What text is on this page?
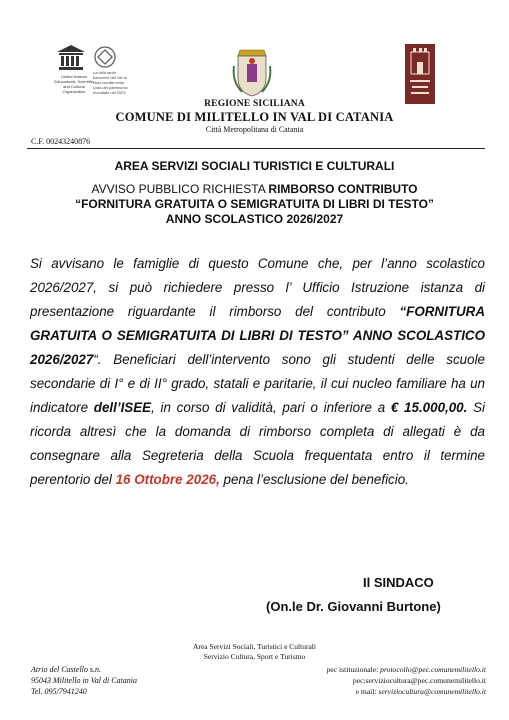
United Nations Educational, Scientific and Cultural Organization
La città tardo barocche del Val di Noto iscritte nella Lista del patrimonio mondiale nel 2002
REGIONE SICILIANA
COMUNE DI MILITELLO IN VAL DI CATANIA
Città Metropolitana di Catania
C.F. 00243240876
AREA SERVIZI SOCIALI TURISTICI E CULTURALI
AVVISO PUBBLICO RICHIESTA RIMBORSO CONTRIBUTO
“FORNITURA GRATUITA O SEMIGRATUITA DI LIBRI DI TESTO”
ANNO SCOLASTICO 2026/2027
Si avvisano le famiglie di questo Comune che, per l’anno scolastico 2026/2027, si può richiedere presso l’ Ufficio Istruzione istanza di presentazione riguardante il rimborso del contributo “FORNITURA GRATUITA O SEMIGRATUITA DI LIBRI DI TESTO” ANNO SCOLASTICO 2026/2027“. Beneficiari dell’intervento sono gli studenti delle scuole secondarie di I° e di II° grado, statali e paritarie, il cui nucleo familiare ha un indicatore dell’ISEE, in corso di validità, pari o inferiore a € 15.000,00. Si ricorda altresì che la domanda di rimborso completa di allegati è da consegnare alla Segreteria della Scuola frequentata entro il termine perentorio del 16 Ottobre 2026, pena l’esclusione del beneficio.
Il SINDACO
(On.le Dr. Giovanni Burtone)
Area Servizi Sociali, Turistici e Culturali
Servizio Cultura, Sport e Turismo
Atrio del Castello s.n.
95043 Militello in Val di Catania
Tel. 095/7941240
pec istituzionale: protocollo@pec.comunemilitello.it
pec:serviziocultura@pec.comunemilitello.it
e mail: serviziocultura@comunemilitello.it
